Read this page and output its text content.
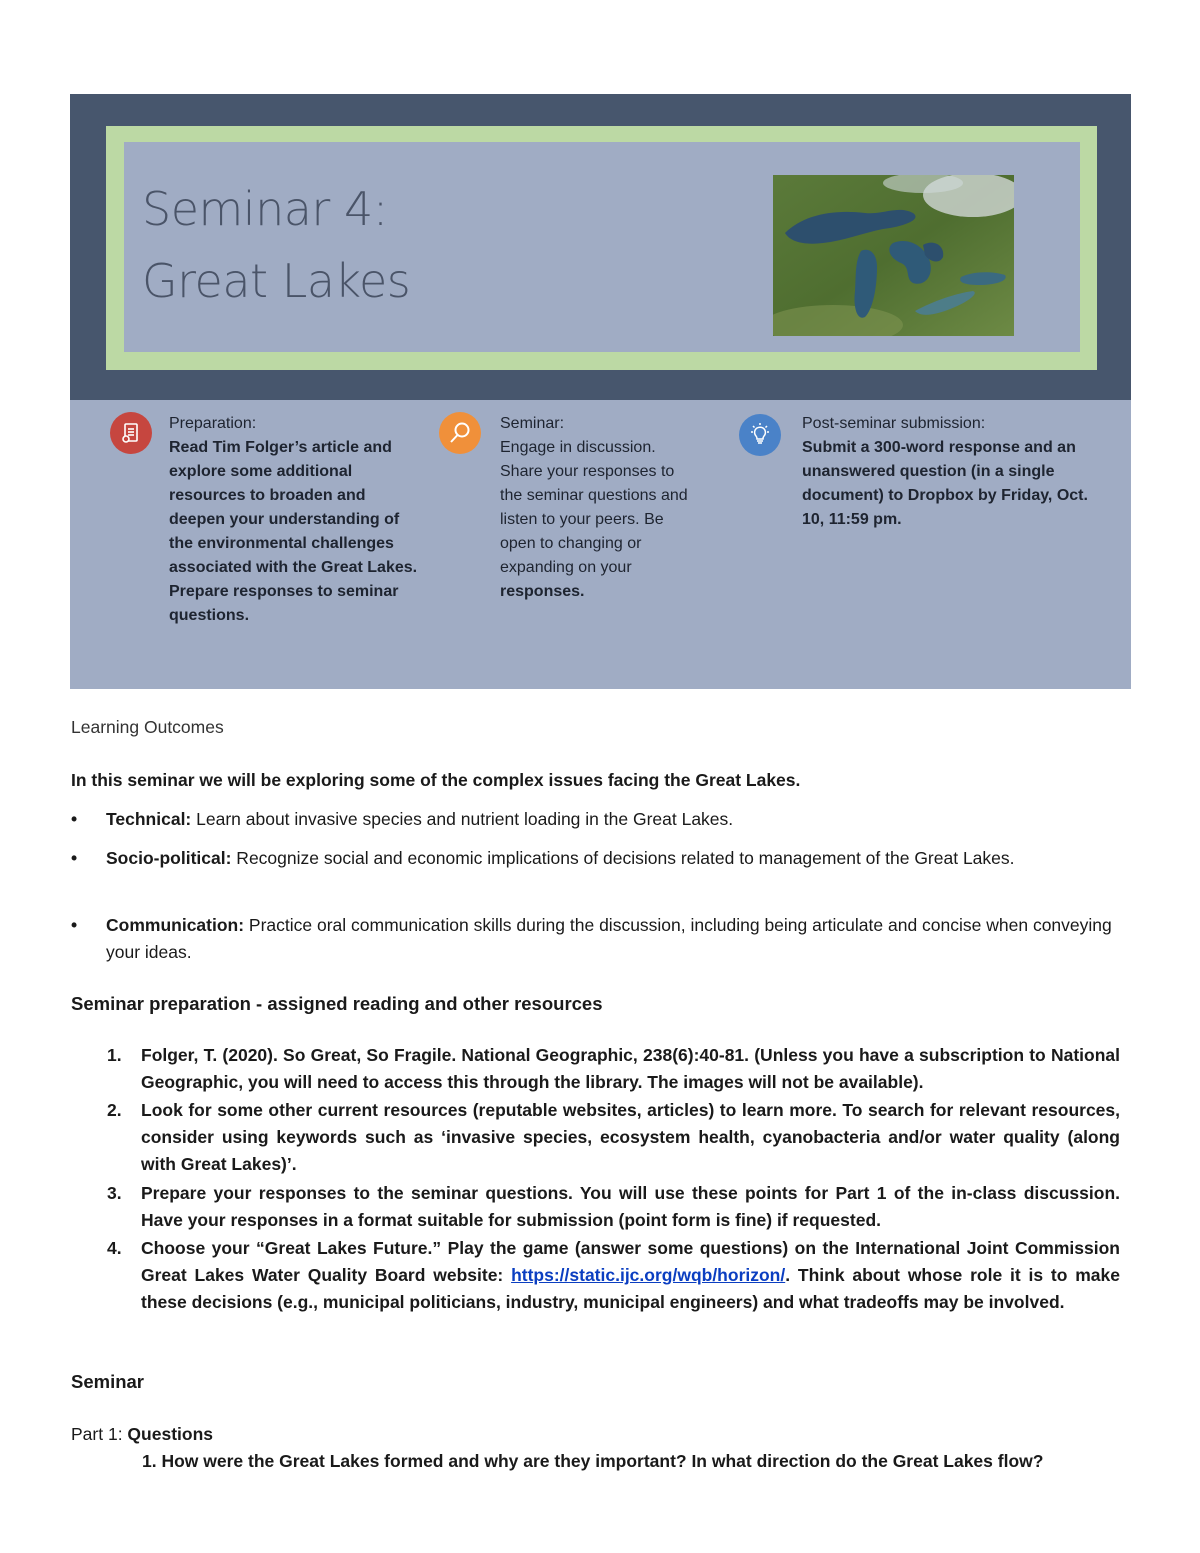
Seminar 4:
Great Lakes
Preparation:
Read Tim Folger’s article and explore some additional resources to broaden and deepen your understanding of the environmental challenges associated with the Great Lakes. Prepare responses to seminar questions.
Seminar:
Engage in discussion. Share your responses to the seminar questions and listen to your peers. Be open to changing or expanding on your
responses.
Post-seminar submission:
Submit a 300-word response and an unanswered question (in a single document) to Dropbox by Friday, Oct. 10, 11:59 pm.
Learning Outcomes
In this seminar we will be exploring some of the complex issues facing the Great Lakes.
• Technical: Learn about invasive species and nutrient loading in the Great Lakes.
• Socio-political: Recognize social and economic implications of decisions related to management of the Great Lakes.
• Communication: Practice oral communication skills during the discussion, including being articulate and concise when conveying your ideas.
Seminar preparation - assigned reading and other resources
1. Folger, T. (2020). So Great, So Fragile. National Geographic, 238(6):40-81. (Unless you have a subscription to National Geographic, you will need to access this through the library. The images will not be available).
2. Look for some other current resources (reputable websites, articles) to learn more. To search for relevant resources, consider using keywords such as ‘invasive species, ecosystem health, cyanobacteria and/or water quality (along with Great Lakes)’.
3. Prepare your responses to the seminar questions. You will use these points for Part 1 of the in-class discussion. Have your responses in a format suitable for submission (point form is fine) if requested.
4. Choose your “Great Lakes Future.” Play the game (answer some questions) on the International Joint Commission Great Lakes Water Quality Board website: https://static.ijc.org/wqb/horizon/. Think about whose role it is to make these decisions (e.g., municipal politicians, industry, municipal engineers) and what tradeoffs may be involved.
Seminar
Part 1: Questions
1. How were the Great Lakes formed and why are they important? In what direction do the Great Lakes flow?
